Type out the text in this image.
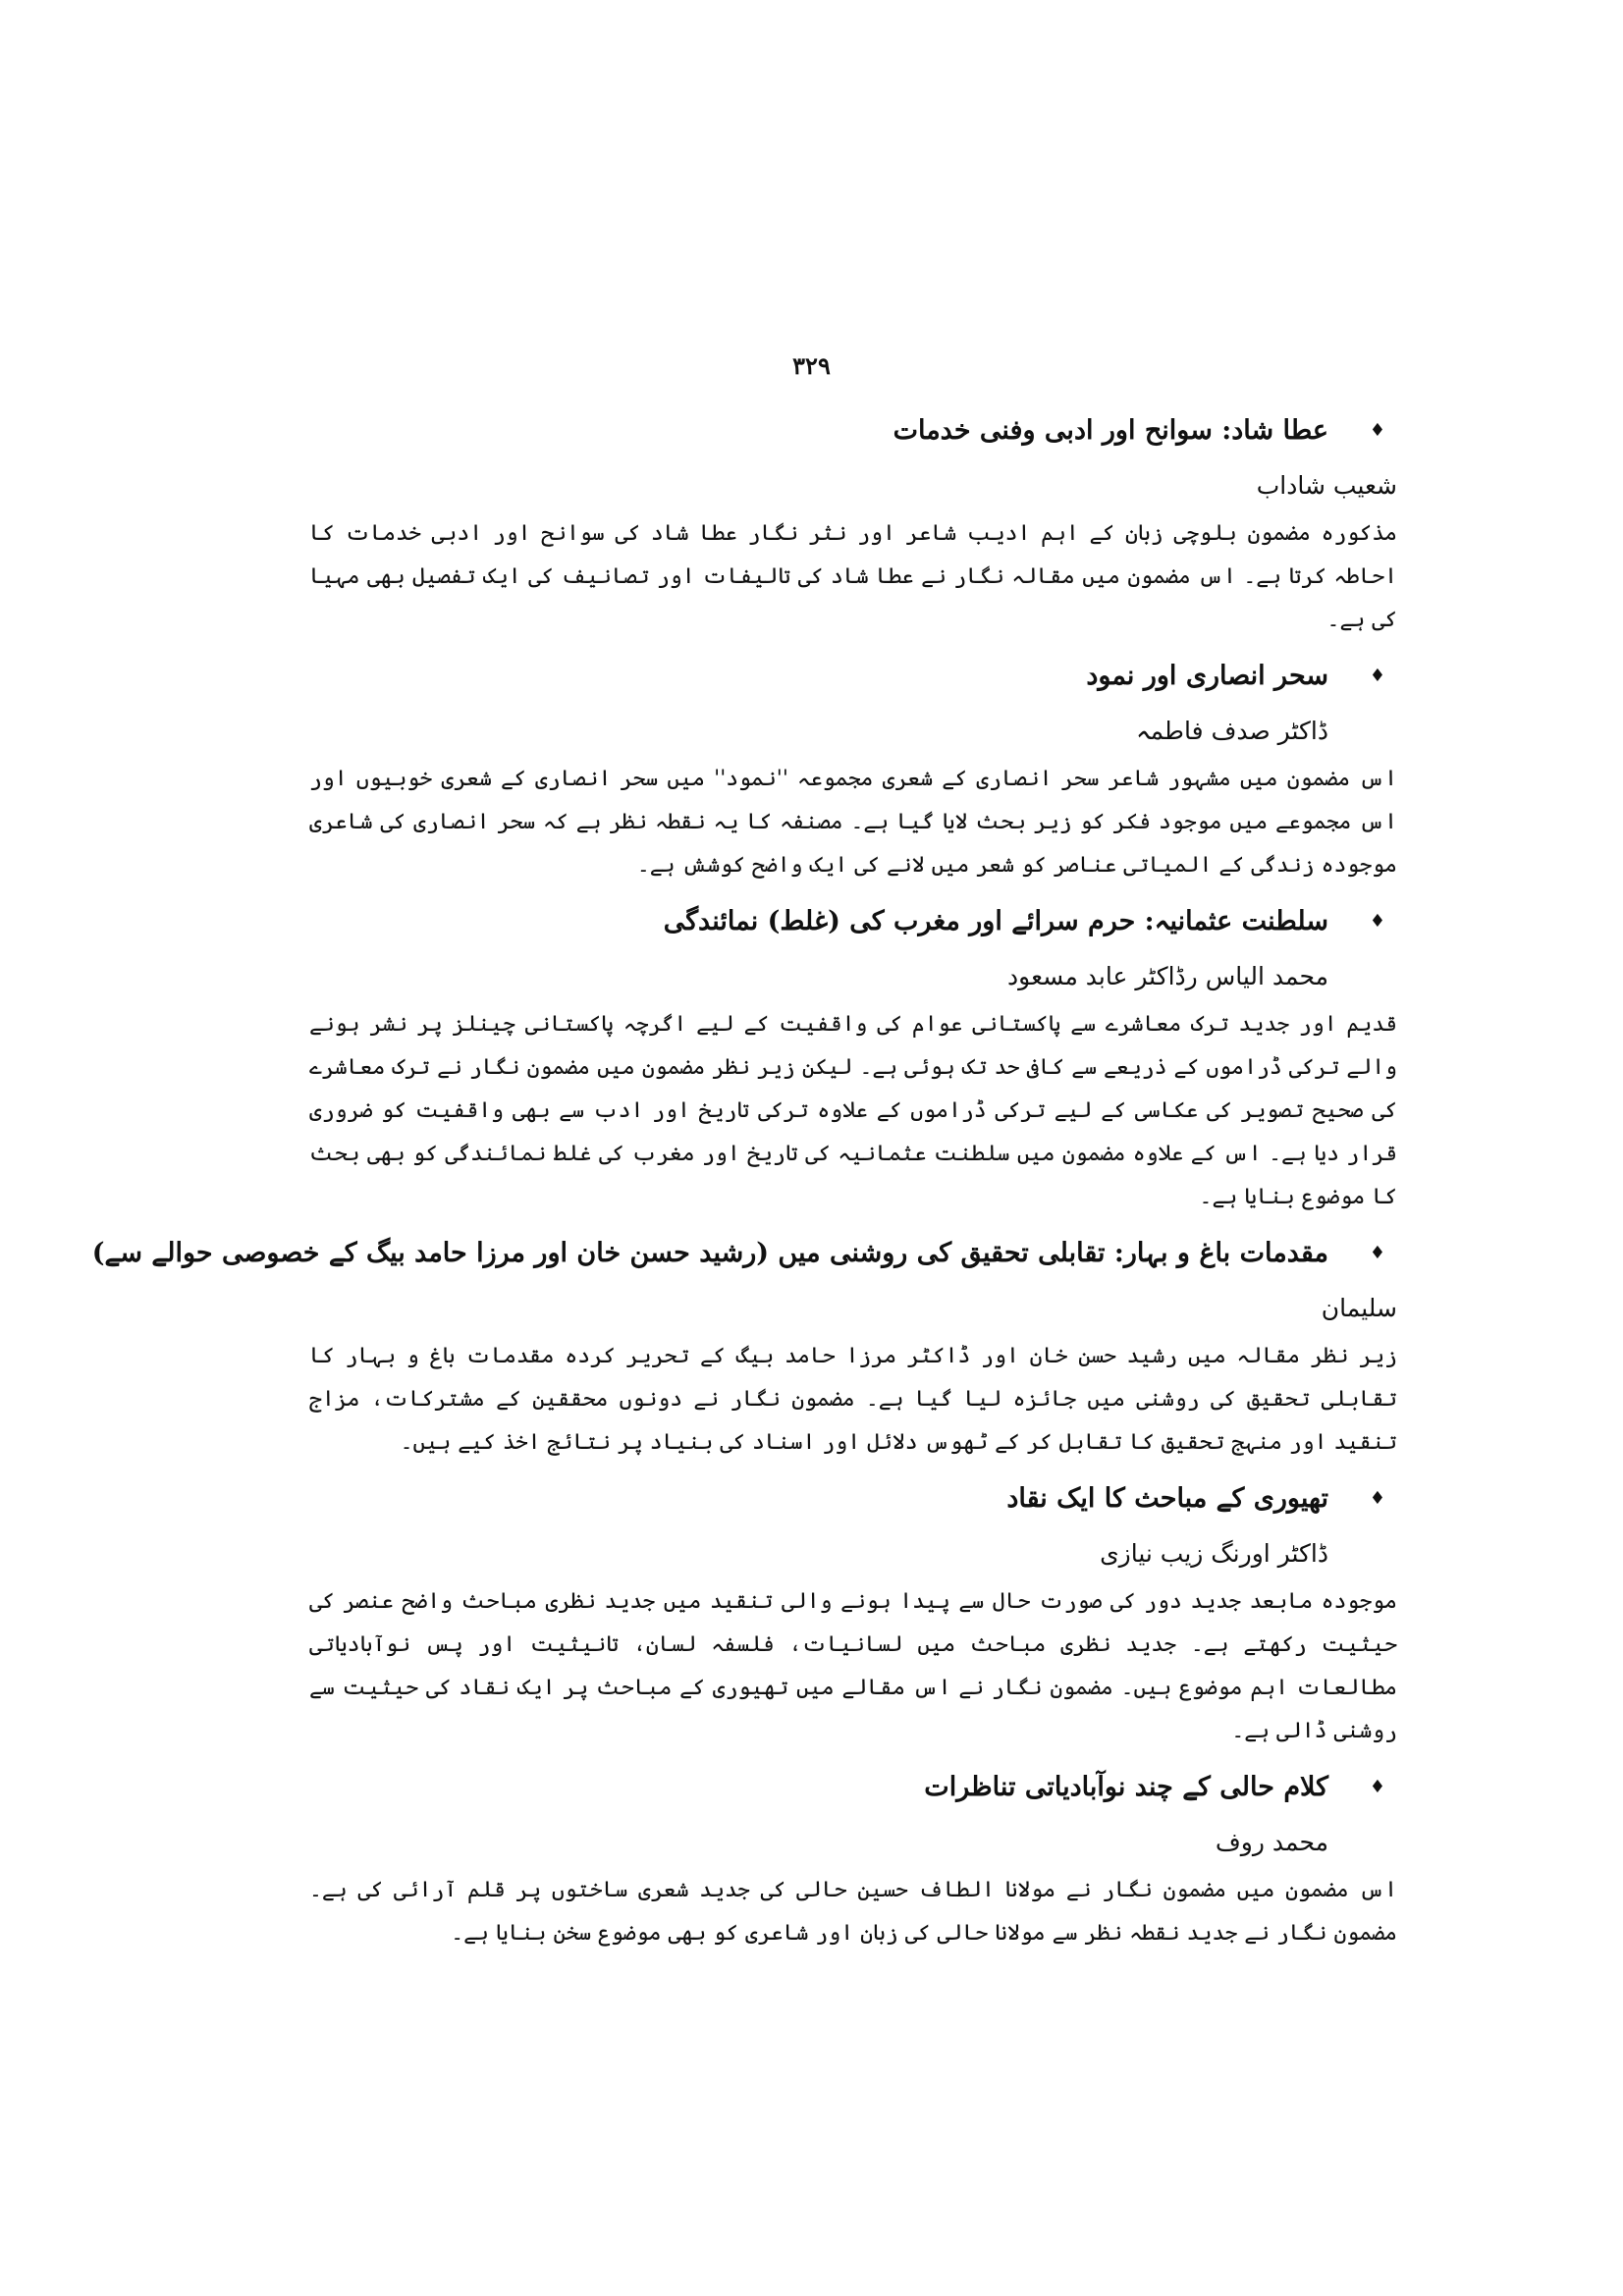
۳۲۹
♦
عطا شاد: سوانح اور ادبی وفنی خدمات
شعیب شاداب
مذکورہ مضمون بلوچی زبان کے اہم ادیب شاعر اور نثر نگار عطا شاد کی سوانح اور ادبی خدمات کا احاطہ کرتا ہے۔ اس مضمون میں مقالہ نگار نے عطا شاد کی تالیفات اور تصانیف کی ایک تفصیل بھی مہیا کی ہے۔
♦
سحر انصاری اور نمود
ڈاکٹر صدف فاطمہ
اس مضمون میں مشہور شاعر سحر انصاری کے شعری مجموعہ ''نمود'' میں سحر انصاری کے شعری خوبیوں اور اس مجموعے میں موجود فکر کو زیر بحث لایا گیا ہے۔ مصنفہ کا یہ نقطہ نظر ہے کہ سحر انصاری کی شاعری موجودہ زندگی کے المیاتی عناصر کو شعر میں لانے کی ایک واضح کوشش ہے۔
♦
سلطنت عثمانیہ: حرم سرائے اور مغرب کی (غلط) نمائندگی
محمد الیاس رڈاکٹر عابد مسعود
قدیم اور جدید ترک معاشرے سے پاکستانی عوام کی واقفیت کے لیے اگرچہ پاکستانی چینلز پر نشر ہونے والے ترکی ڈراموں کے ذریعے سے کافی حد تک ہوئی ہے۔ لیکن زیر نظر مضمون میں مضمون نگار نے ترک معاشرے کی صحیح تصویر کی عکاسی کے لیے ترکی ڈراموں کے علاوہ ترکی تاریخ اور ادب سے بھی واقفیت کو ضروری قرار دیا ہے۔ اس کے علاوہ مضمون میں سلطنت عثمانیہ کی تاریخ اور مغرب کی غلط نمائندگی کو بھی بحث کا موضوع بنایا ہے۔
♦
مقدمات باغ و بہار: تقابلی تحقیق کی روشنی میں (رشید حسن خان اور مرزا حامد بیگ کے خصوصی حوالے سے)
سلیمان
زیر نظر مقالہ میں رشید حسن خان اور ڈاکٹر مرزا حامد بیگ کے تحریر کردہ مقدمات باغ و بہار کا تقابلی تحقیق کی روشنی میں جائزہ لیا گیا ہے۔ مضمون نگار نے دونوں محققین کے مشترکات، مزاج تنقید اور منہج تحقیق کا تقابل کر کے ٹھوس دلائل اور اسناد کی بنیاد پر نتائج اخذ کیے ہیں۔
♦
تھیوری کے مباحث کا ایک نقاد
ڈاکٹر اورنگ زیب نیازی
موجودہ مابعد جدید دور کی صورت حال سے پیدا ہونے والی تنقید میں جدید نظری مباحث واضح عنصر کی حیثیت رکھتے ہے۔ جدید نظری مباحث میں لسانیات، فلسفہ لسان، تانیثیت اور پس نوآبادیاتی مطالعات اہم موضوع ہیں۔ مضمون نگار نے اس مقالے میں تھیوری کے مباحث پر ایک نقاد کی حیثیت سے روشنی ڈالی ہے۔
♦
کلام حالی کے چند نوآبادیاتی تناظرات
محمد روف
اس مضمون میں مضمون نگار نے مولانا الطاف حسین حالی کی جدید شعری ساختوں پر قلم آرائی کی ہے۔ مضمون نگار نے جدید نقطہ نظر سے مولانا حالی کی زبان اور شاعری کو بھی موضوع سخن بنایا ہے۔
